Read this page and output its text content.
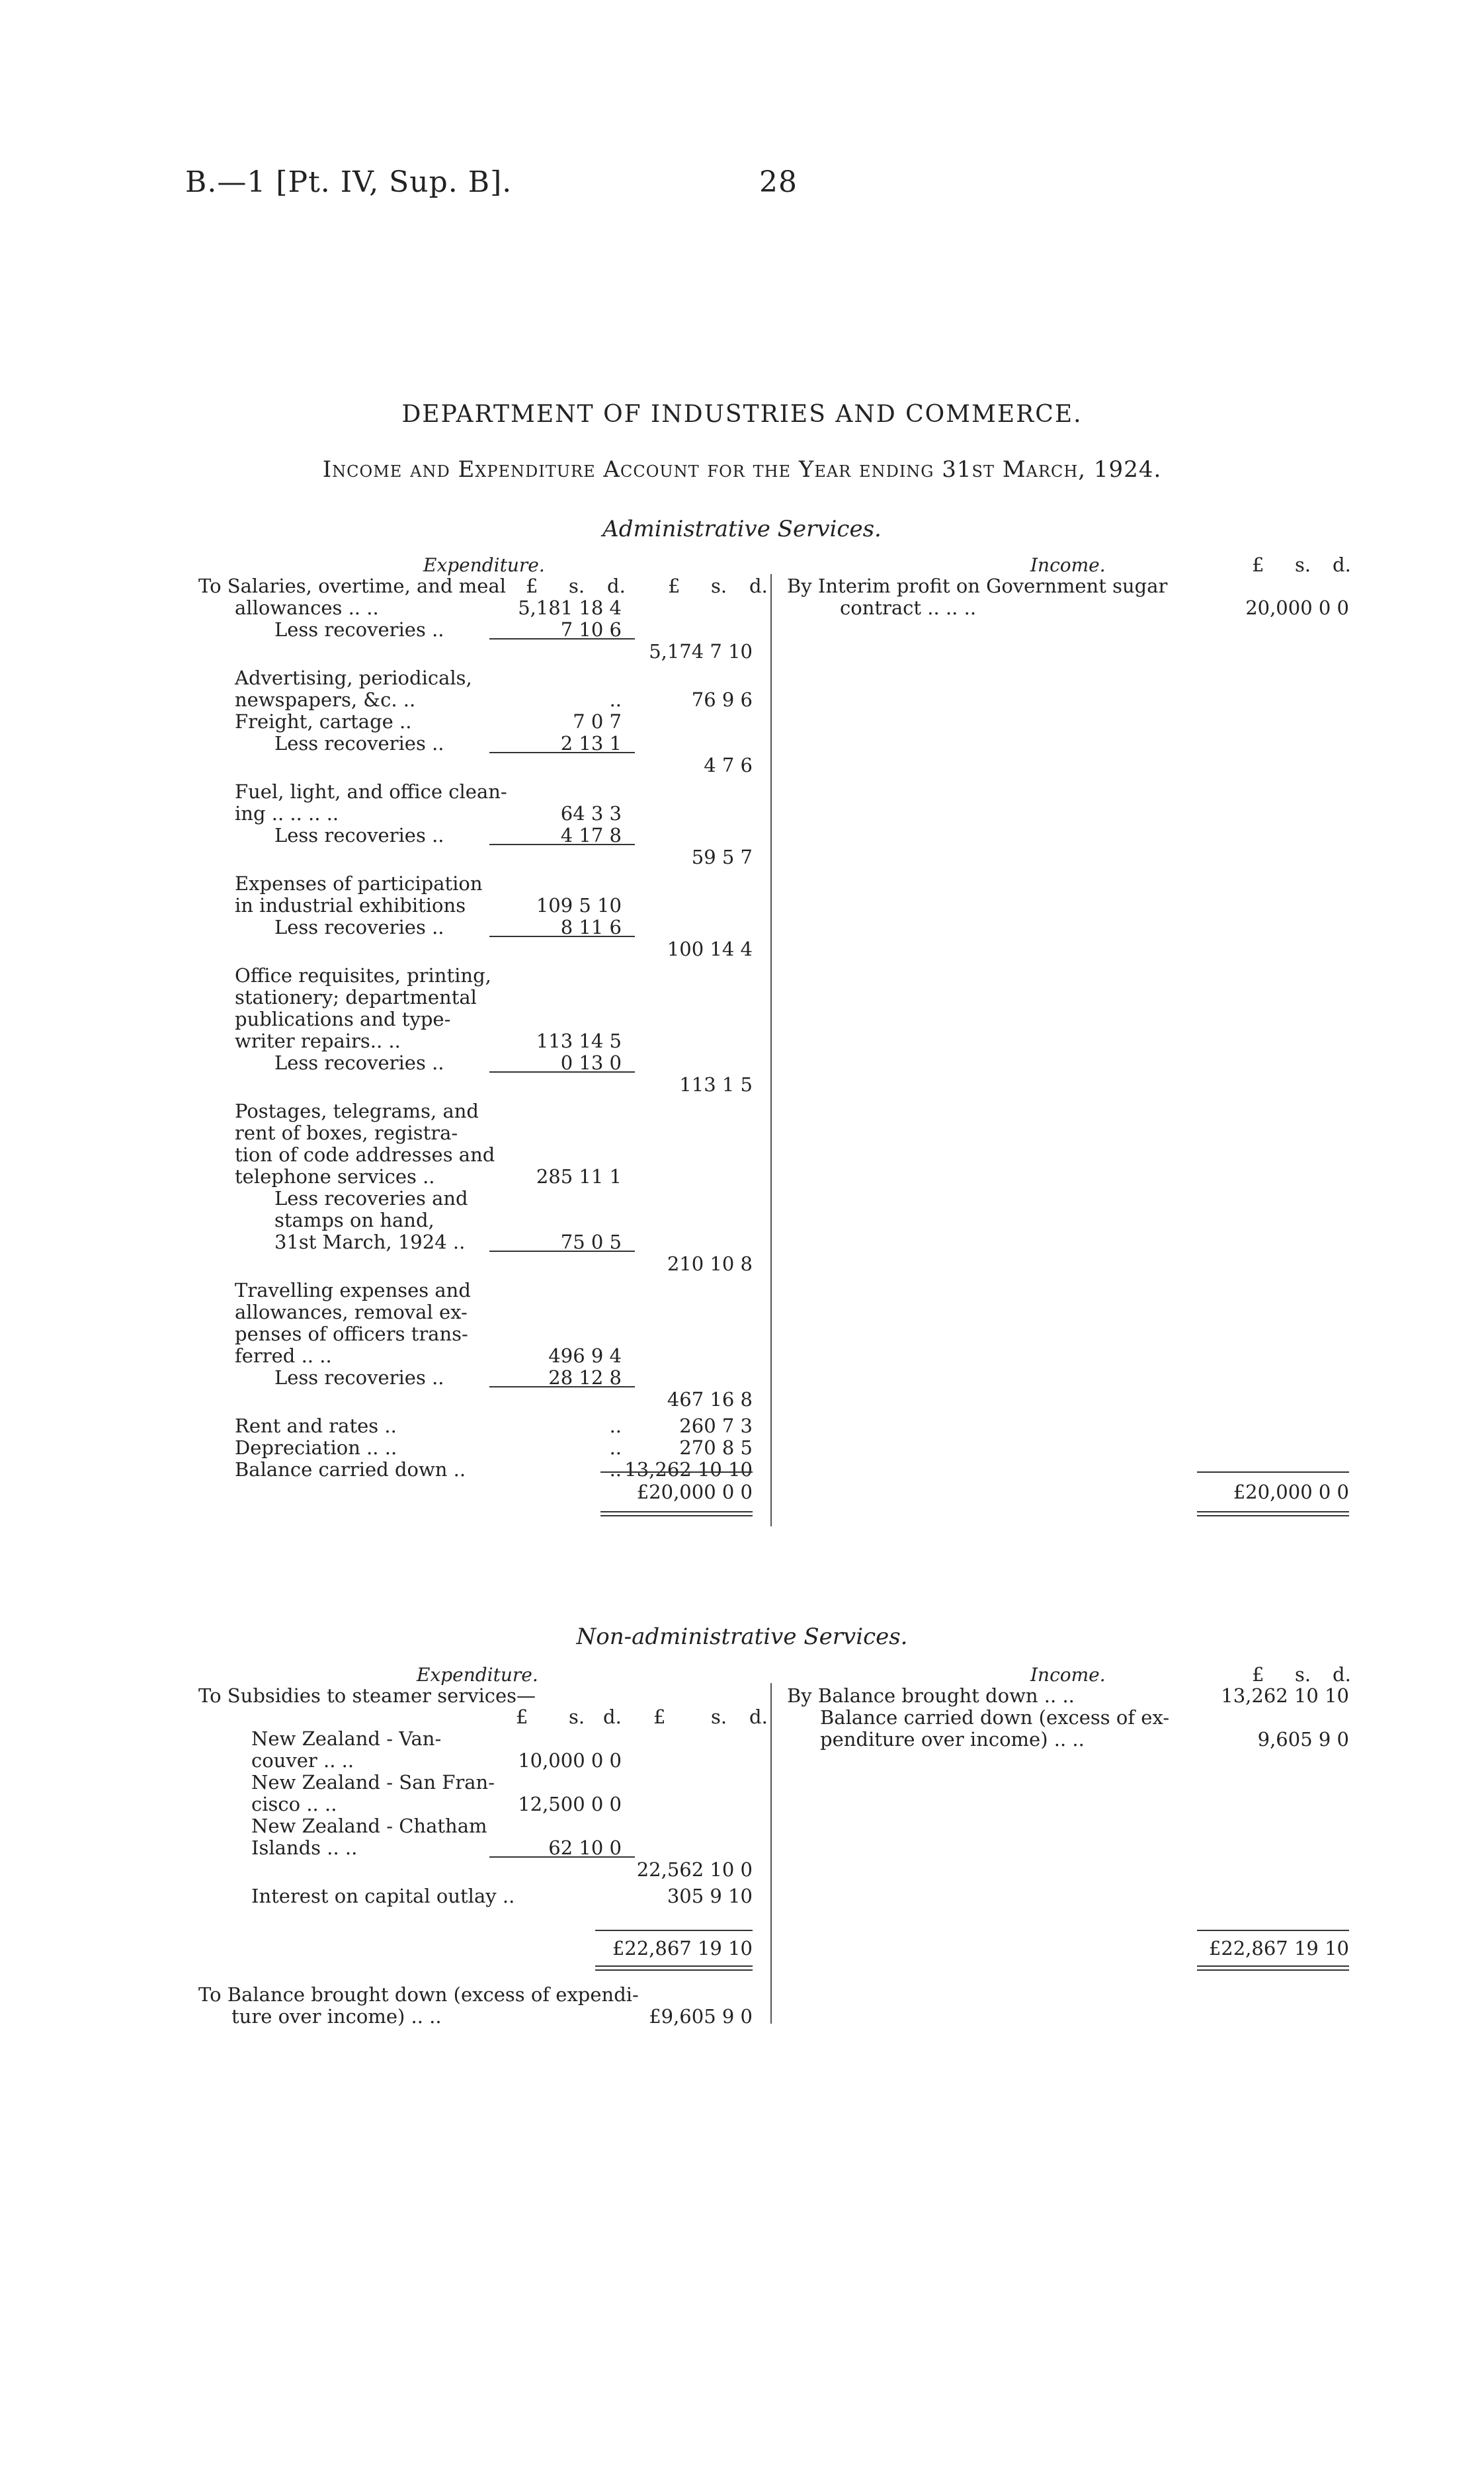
B.—1 [Pt. IV, Sup. B].	28
DEPARTMENT OF INDUSTRIES AND COMMERCE.
Income and Expenditure Account for the Year ending 31st March, 1924.
Administrative Services.
Expenditure.	Income.
£ s. d. £ s. d.
£ s. d.
To Salaries, overtime, and meal
allowances .. ..	5,181 18 4
Less recoveries ..	7 10 6
5,174 7 10
Advertising, periodicals,
newspapers, &c. ..	..	76 9 6
Freight, cartage ..	7 0 7
Less recoveries ..	2 13 1
4 7 6
Fuel, light, and office clean-
ing .. .. .. ..	64 3 3
Less recoveries ..	4 17 8
59 5 7
Expenses of participation
in industrial exhibitions	109 5 10
Less recoveries ..	8 11 6
100 14 4
Office requisites, printing,
stationery; departmental
publications and type-
writer repairs.. ..	113 14 5
Less recoveries ..	0 13 0
113 1 5
Postages, telegrams, and
rent of boxes, registra-
tion of code addresses and
telephone services ..	285 11 1
Less recoveries and
stamps on hand,
31st March, 1924 ..	75 0 5
210 10 8
Travelling expenses and
allowances, removal ex-
penses of officers trans-
ferred .. ..	496 9 4
Less recoveries ..	28 12 8
467 16 8
Rent and rates ..	..	260 7 3
Depreciation .. ..	..	270 8 5
Balance carried down ..	.. 13,262 10 10
By Interim profit on Government sugar
contract .. .. ..	20,000 0 0
£20,000 0 0	£20,000 0 0
Non-administrative Services.
Expenditure.	Income.
£ s. d. £ s. d.
£ s. d.
To Subsidies to steamer services—
New Zealand - Van-
couver .. ..	10,000 0 0
New Zealand - San Fran-
cisco .. ..	12,500 0 0
New Zealand - Chatham
Islands .. ..	62 10 0
22,562 10 0
Interest on capital outlay ..	305 9 10
By Balance brought down .. ..	13,262 10 10
Balance carried down (excess of ex-
penditure over income) .. ..	9,605 9 0
£22,867 19 10	£22,867 19 10
To Balance brought down (excess of expendi-
ture over income) .. ..	£9,605 9 0
